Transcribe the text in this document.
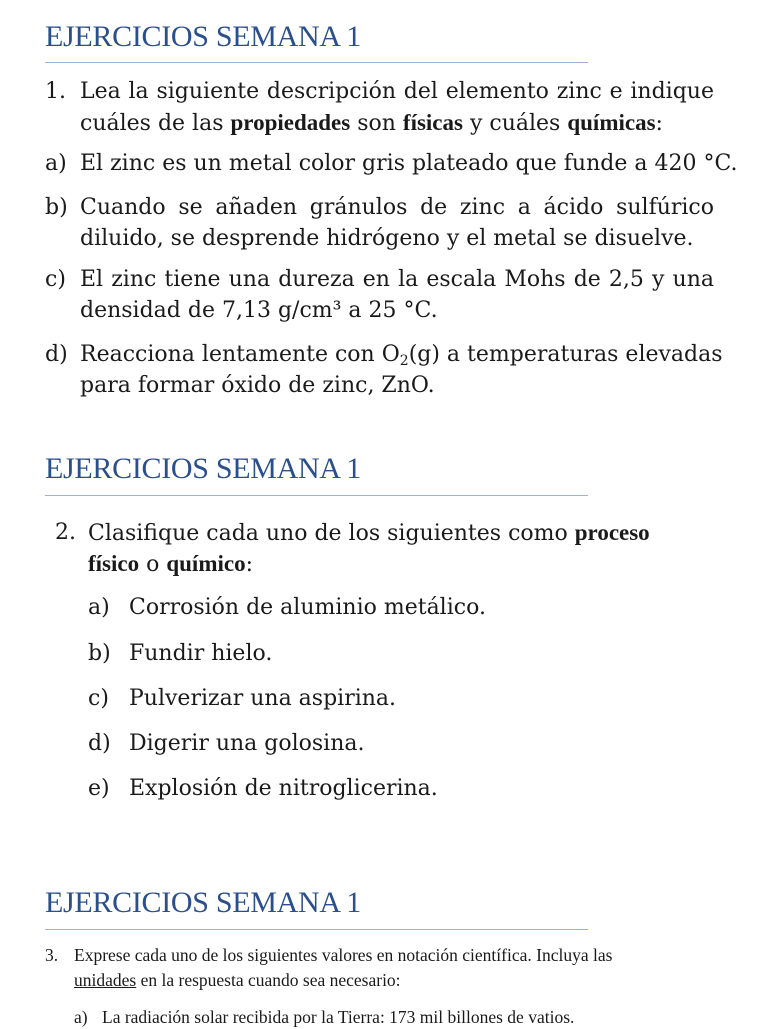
EJERCICIOS SEMANA 1
1. Lea la siguiente descripción del elemento zinc e indique
cuáles de las propiedades son físicas y cuáles químicas:
a) El zinc es un metal color gris plateado que funde a 420 °C.
b) Cuando se añaden gránulos de zinc a ácido sulfúrico
diluido, se desprende hidrógeno y el metal se disuelve.
c) El zinc tiene una dureza en la escala Mohs de 2,5 y una
densidad de 7,13 g/cm³ a 25 °C.
d) Reacciona lentamente con $O_2(g)$ a temperaturas elevadas
para formar óxido de zinc, ZnO.
EJERCICIOS SEMANA 1
2. Clasifique cada uno de los siguientes como proceso
físico o químico:
a) Corrosión de aluminio metálico.
b) Fundir hielo.
c) Pulverizar una aspirina.
d) Digerir una golosina.
e) Explosión de nitroglicerina.
EJERCICIOS SEMANA 1
3. Exprese cada uno de los siguientes valores en notación científica. Incluya las
unidades en la respuesta cuando sea necesario:
a) La radiación solar recibida por la Tierra: 173 mil billones de vatios.
